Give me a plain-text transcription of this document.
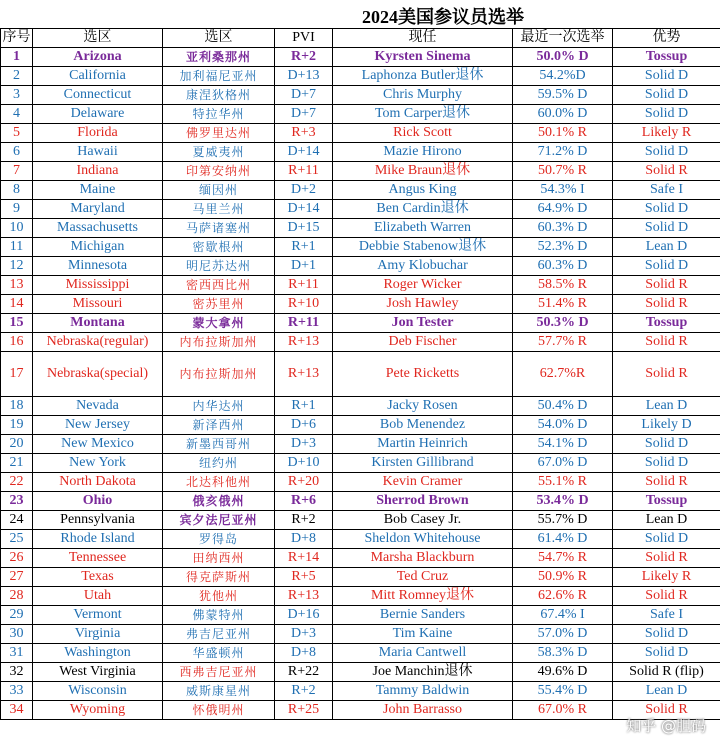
2024美国参议员选举
序号	选区	选区	PVI	现任	最近一次选举	优势
1	Arizona	亚利桑那州	R+2	Kyrsten Sinema	50.0% D	Tossup
2	California	加利福尼亚州	D+13	Laphonza Butler退休	54.2%D	Solid D
3	Connecticut	康涅狄格州	D+7	Chris Murphy	59.5% D	Solid D
4	Delaware	特拉华州	D+7	Tom Carper退休	60.0% D	Solid D
5	Florida	佛罗里达州	R+3	Rick Scott	50.1% R	Likely R
6	Hawaii	夏威夷州	D+14	Mazie Hirono	71.2% D	Solid D
7	Indiana	印第安纳州	R+11	Mike Braun退休	50.7% R	Solid R
8	Maine	缅因州	D+2	Angus King	54.3% I	Safe I
9	Maryland	马里兰州	D+14	Ben Cardin退休	64.9% D	Solid D
10	Massachusetts	马萨诸塞州	D+15	Elizabeth Warren	60.3% D	Solid D
11	Michigan	密歇根州	R+1	Debbie Stabenow退休	52.3% D	Lean D
12	Minnesota	明尼苏达州	D+1	Amy Klobuchar	60.3% D	Solid D
13	Mississippi	密西西比州	R+11	Roger Wicker	58.5% R	Solid R
14	Missouri	密苏里州	R+10	Josh Hawley	51.4% R	Solid R
15	Montana	蒙大拿州	R+11	Jon Tester	50.3% D	Tossup
16	Nebraska(regular)	内布拉斯加州	R+13	Deb Fischer	57.7% R	Solid R
17	Nebraska(special)	内布拉斯加州	R+13	Pete Ricketts	62.7%R	Solid R
18	Nevada	内华达州	R+1	Jacky Rosen	50.4% D	Lean D
19	New Jersey	新泽西州	D+6	Bob Menendez	54.0% D	Likely D
20	New Mexico	新墨西哥州	D+3	Martin Heinrich	54.1% D	Solid D
21	New York	纽约州	D+10	Kirsten Gillibrand	67.0% D	Solid D
22	North Dakota	北达科他州	R+20	Kevin Cramer	55.1% R	Solid R
23	Ohio	俄亥俄州	R+6	Sherrod Brown	53.4% D	Tossup
24	Pennsylvania	宾夕法尼亚州	R+2	Bob Casey Jr.	55.7% D	Lean D
25	Rhode Island	罗得岛	D+8	Sheldon Whitehouse	61.4% D	Solid D
26	Tennessee	田纳西州	R+14	Marsha Blackburn	54.7% R	Solid R
27	Texas	得克萨斯州	R+5	Ted Cruz	50.9% R	Likely R
28	Utah	犹他州	R+13	Mitt Romney退休	62.6% R	Solid R
29	Vermont	佛蒙特州	D+16	Bernie Sanders	67.4% I	Safe I
30	Virginia	弗吉尼亚州	D+3	Tim Kaine	57.0% D	Solid D
31	Washington	华盛顿州	D+8	Maria Cantwell	58.3% D	Solid D
32	West Virginia	西弗吉尼亚州	R+22	Joe Manchin退休	49.6% D	Solid R (flip)
33	Wisconsin	威斯康星州	R+2	Tammy Baldwin	55.4% D	Lean D
34	Wyoming	怀俄明州	R+25	John Barrasso	67.0% R	Solid R
知乎 @胆码
